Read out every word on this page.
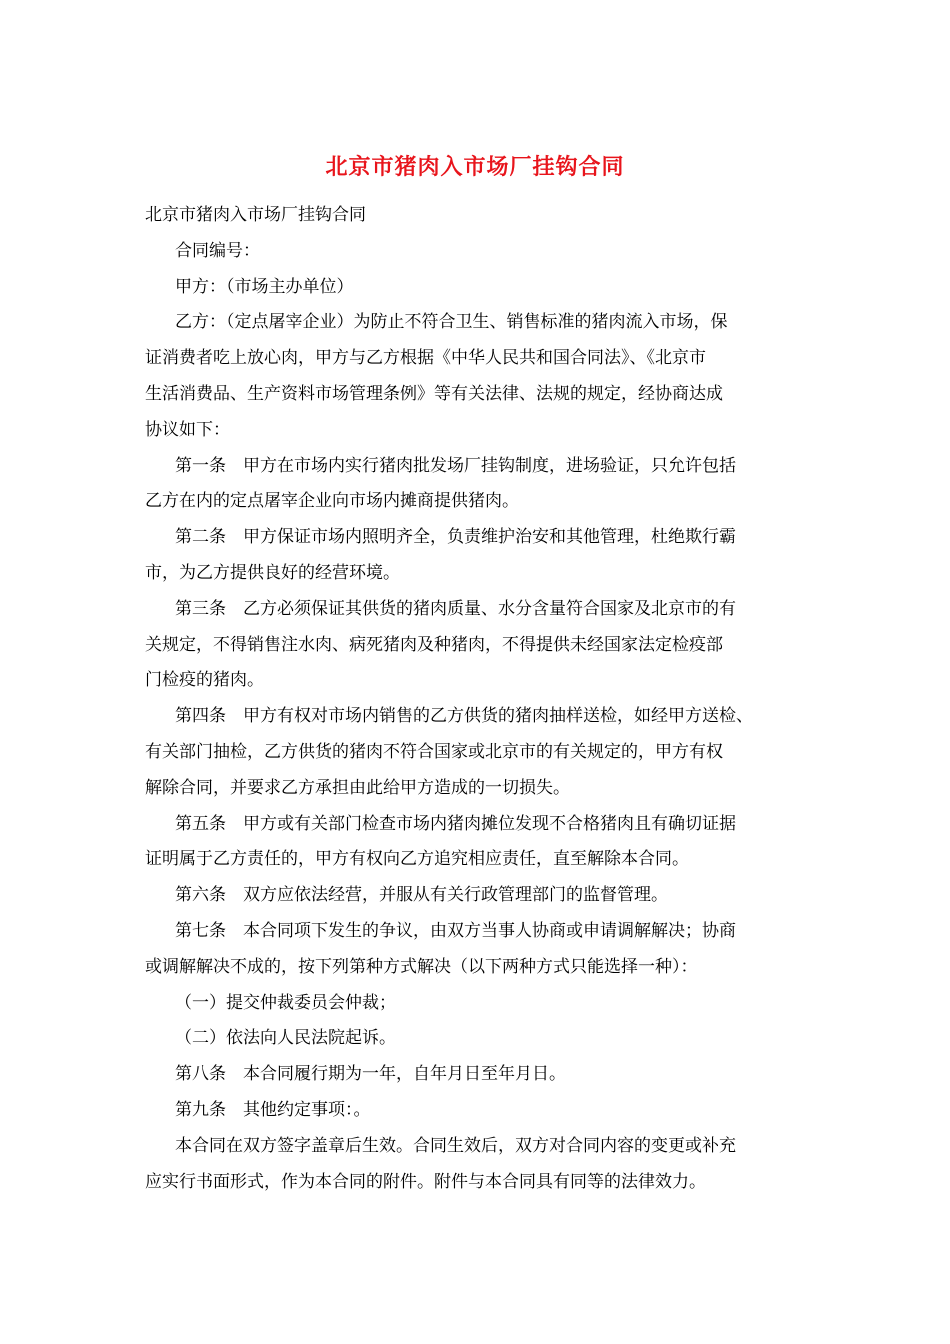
北京市猪肉入市场厂挂钩合同
北京市猪肉入市场厂挂钩合同
合同编号：
甲方：（市场主办单位）
乙方：（定点屠宰企业）为防止不符合卫生、销售标准的猪肉流入市场，保
证消费者吃上放心肉，甲方与乙方根据《中华人民共和国合同法》、《北京市
生活消费品、生产资料市场管理条例》等有关法律、法规的规定，经协商达成
协议如下：
第一条　甲方在市场内实行猪肉批发场厂挂钩制度，进场验证，只允许包括
乙方在内的定点屠宰企业向市场内摊商提供猪肉。
第二条　甲方保证市场内照明齐全，负责维护治安和其他管理，杜绝欺行霸
市，为乙方提供良好的经营环境。
第三条　乙方必须保证其供货的猪肉质量、水分含量符合国家及北京市的有
关规定，不得销售注水肉、病死猪肉及种猪肉，不得提供未经国家法定检疫部
门检疫的猪肉。
第四条　甲方有权对市场内销售的乙方供货的猪肉抽样送检，如经甲方送检、
有关部门抽检，乙方供货的猪肉不符合国家或北京市的有关规定的，甲方有权
解除合同，并要求乙方承担由此给甲方造成的一切损失。
第五条　甲方或有关部门检查市场内猪肉摊位发现不合格猪肉且有确切证据
证明属于乙方责任的，甲方有权向乙方追究相应责任，直至解除本合同。
第六条　双方应依法经营，并服从有关行政管理部门的监督管理。
第七条　本合同项下发生的争议，由双方当事人协商或申请调解解决；协商
或调解解决不成的，按下列第种方式解决（以下两种方式只能选择一种）：
（一）提交仲裁委员会仲裁；
（二）依法向人民法院起诉。
第八条　本合同履行期为一年，自年月日至年月日。
第九条　其他约定事项：。
本合同在双方签字盖章后生效。合同生效后，双方对合同内容的变更或补充
应实行书面形式，作为本合同的附件。附件与本合同具有同等的法律效力。
